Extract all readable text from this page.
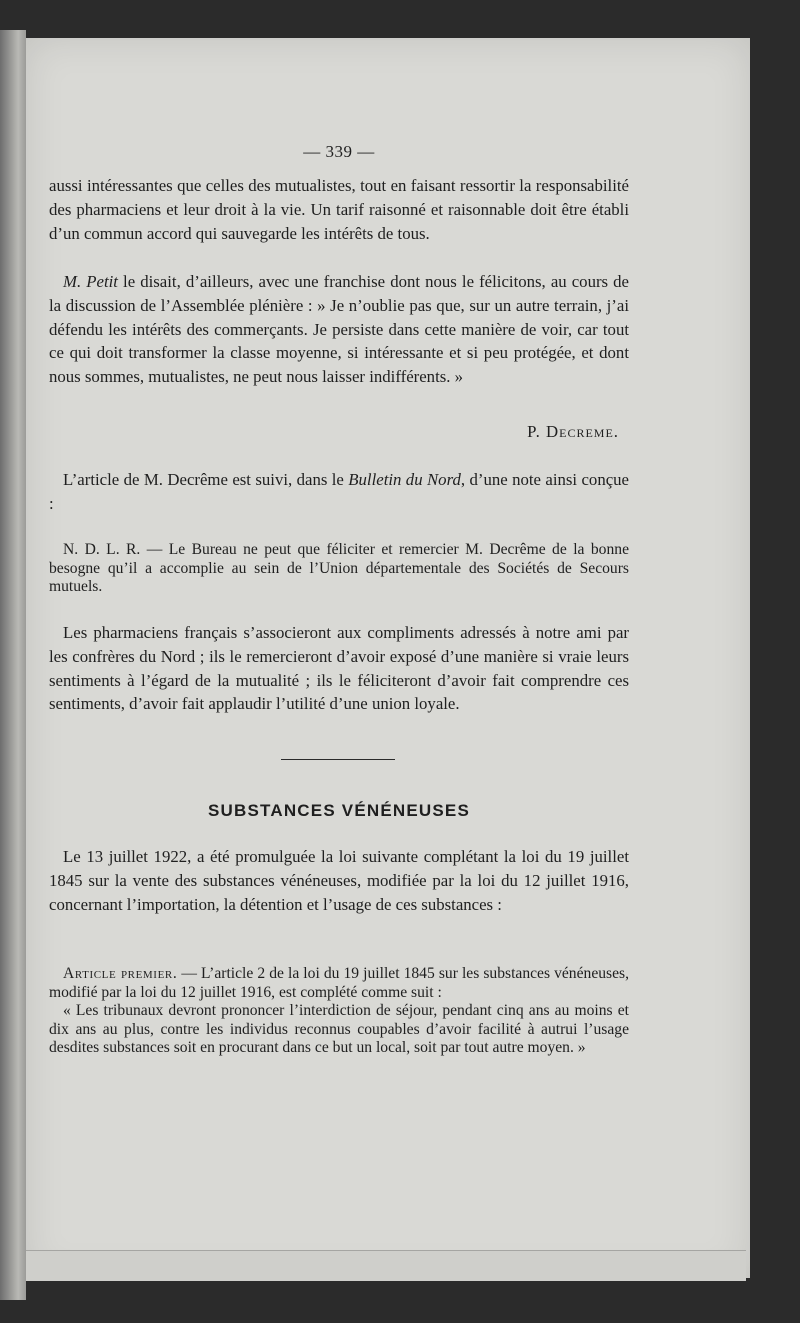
— 339 —

aussi intéressantes que celles des mutualistes, tout en faisant ressortir la responsabilité des pharmaciens et leur droit à la vie. Un tarif raisonné et raisonnable doit être établi d’un commun accord qui sauvegarde les intérêts de tous.

M. Petit le disait, d’ailleurs, avec une franchise dont nous le félicitons, au cours de la discussion de l’Assemblée plénière : » Je n’oublie pas que, sur un autre terrain, j’ai défendu les intérêts des commerçants. Je persiste dans cette manière de voir, car tout ce qui doit transformer la classe moyenne, si intéressante et si peu protégée, et dont nous sommes, mutualistes, ne peut nous laisser indifférents. »

P. Decreme.

L’article de M. Decrême est suivi, dans le Bulletin du Nord, d’une note ainsi conçue :

N. D. L. R. — Le Bureau ne peut que féliciter et remercier M. Decrême de la bonne besogne qu’il a accomplie au sein de l’Union départementale des Sociétés de Secours mutuels.

Les pharmaciens français s’associeront aux compliments adressés à notre ami par les confrères du Nord ; ils le remercieront d’avoir exposé d’une manière si vraie leurs sentiments à l’égard de la mutualité ; ils le féliciteront d’avoir fait comprendre ces sentiments, d’avoir fait applaudir l’utilité d’une union loyale.

SUBSTANCES VÉNÉNEUSES

Le 13 juillet 1922, a été promulguée la loi suivante complétant la loi du 19 juillet 1845 sur la vente des substances vénéneuses, modifiée par la loi du 12 juillet 1916, concernant l’importation, la détention et l’usage de ces substances :

Article premier. — L’article 2 de la loi du 19 juillet 1845 sur les substances vénéneuses, modifié par la loi du 12 juillet 1916, est complété comme suit :

« Les tribunaux devront prononcer l’interdiction de séjour, pendant cinq ans au moins et dix ans au plus, contre les individus reconnus coupables d’avoir facilité à autrui l’usage desdites substances soit en procurant dans ce but un local, soit par tout autre moyen. »
